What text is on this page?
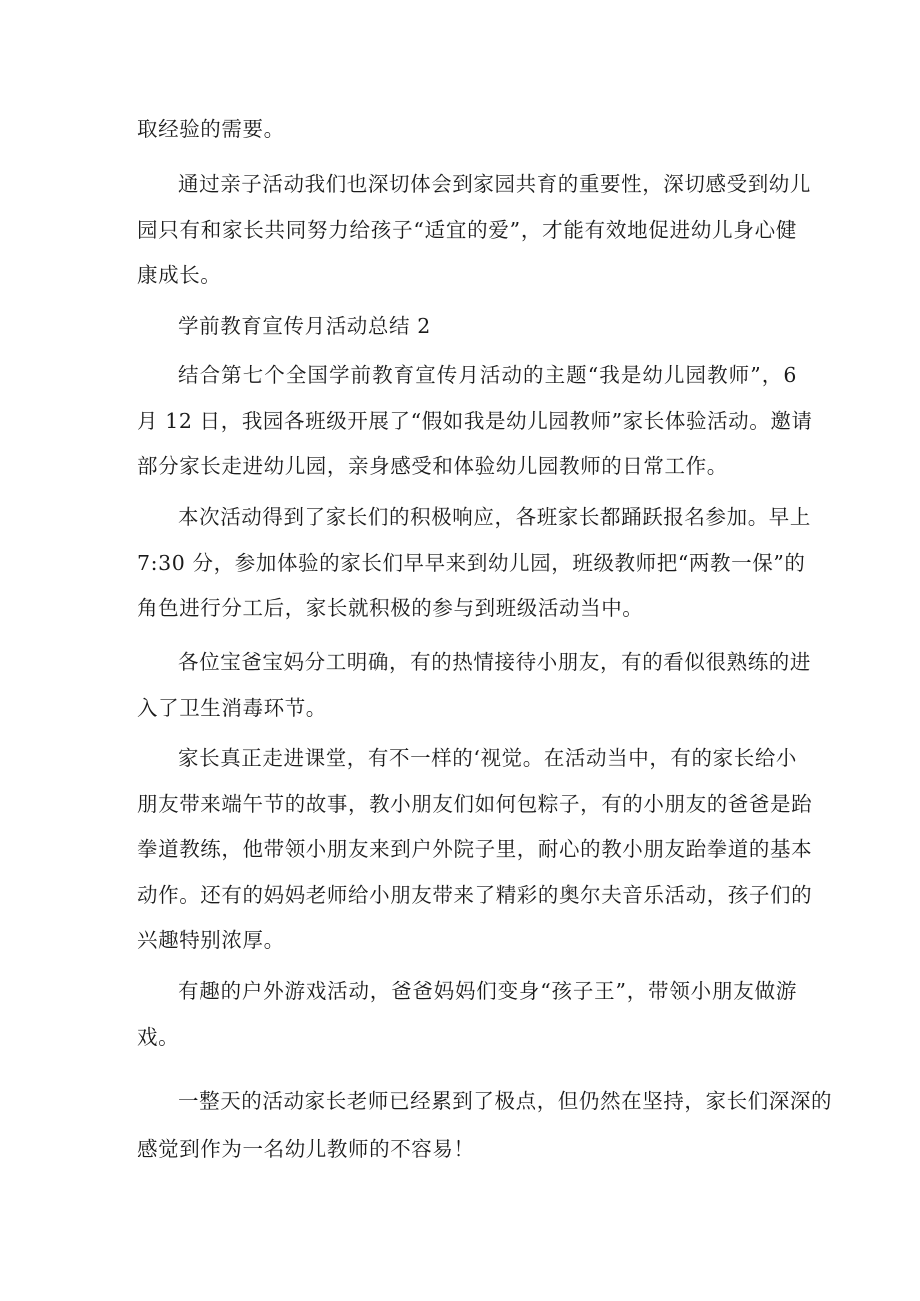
取经验的需要。

通过亲子活动我们也深切体会到家园共育的重要性，深切感受到幼儿
园只有和家长共同努力给孩子“适宜的爱”，才能有效地促进幼儿身心健
康成长。

学前教育宣传月活动总结 2

结合第七个全国学前教育宣传月活动的主题“我是幼儿园教师”，6
月 12 日，我园各班级开展了“假如我是幼儿园教师”家长体验活动。邀请
部分家长走进幼儿园，亲身感受和体验幼儿园教师的日常工作。

本次活动得到了家长们的积极响应，各班家长都踊跃报名参加。早上
7:30 分，参加体验的家长们早早来到幼儿园，班级教师把“两教一保”的
角色进行分工后，家长就积极的参与到班级活动当中。

各位宝爸宝妈分工明确，有的热情接待小朋友，有的看似很熟练的进
入了卫生消毒环节。

家长真正走进课堂，有不一样的‘视觉。在活动当中，有的家长给小
朋友带来端午节的故事，教小朋友们如何包粽子，有的小朋友的爸爸是跆
拳道教练，他带领小朋友来到户外院子里，耐心的教小朋友跆拳道的基本
动作。还有的妈妈老师给小朋友带来了精彩的奥尔夫音乐活动，孩子们的
兴趣特别浓厚。

有趣的户外游戏活动，爸爸妈妈们变身“孩子王”，带领小朋友做游
戏。

一整天的活动家长老师已经累到了极点，但仍然在坚持，家长们深深的
感觉到作为一名幼儿教师的不容易！
